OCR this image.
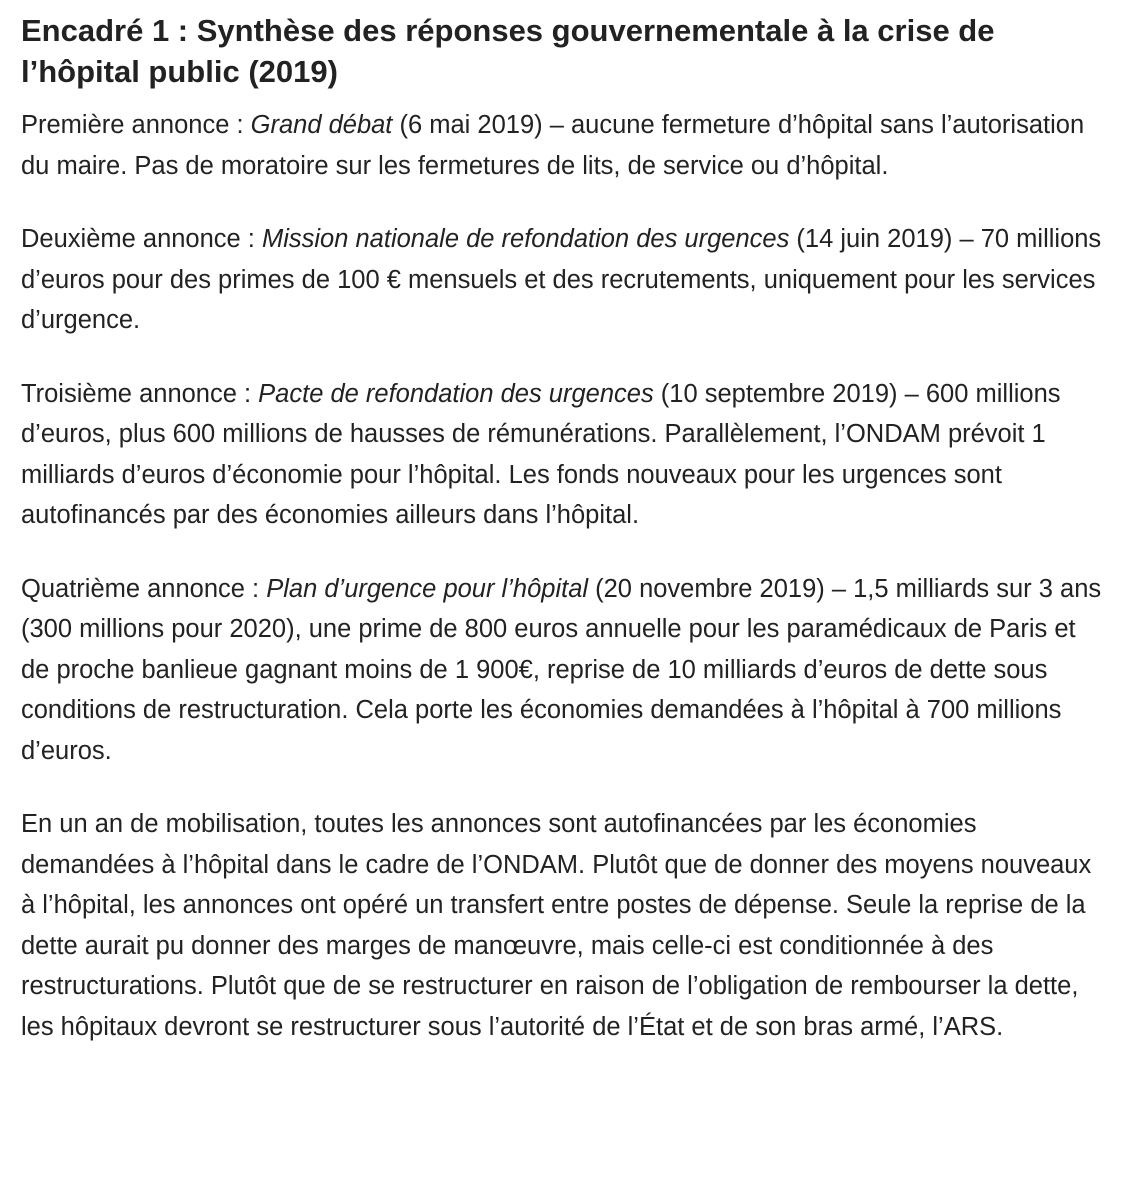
Encadré 1 : Synthèse des réponses gouvernementale à la crise de l’hôpital public (2019)

Première annonce : Grand débat (6 mai 2019) – aucune fermeture d’hôpital sans l’autorisation du maire. Pas de moratoire sur les fermetures de lits, de service ou d’hôpital.

Deuxième annonce : Mission nationale de refondation des urgences (14 juin 2019) – 70 millions d’euros pour des primes de 100 € mensuels et des recrutements, uniquement pour les services d’urgence.

Troisième annonce : Pacte de refondation des urgences (10 septembre 2019) – 600 millions d’euros, plus 600 millions de hausses de rémunérations. Parallèlement, l’ONDAM prévoit 1 milliards d’euros d’économie pour l’hôpital. Les fonds nouveaux pour les urgences sont autofinancés par des économies ailleurs dans l’hôpital.

Quatrième annonce : Plan d’urgence pour l’hôpital (20 novembre 2019) – 1,5 milliards sur 3 ans (300 millions pour 2020), une prime de 800 euros annuelle pour les paramédicaux de Paris et de proche banlieue gagnant moins de 1 900€, reprise de 10 milliards d’euros de dette sous conditions de restructuration. Cela porte les économies demandées à l’hôpital à 700 millions d’euros.

En un an de mobilisation, toutes les annonces sont autofinancées par les économies demandées à l’hôpital dans le cadre de l’ONDAM. Plutôt que de donner des moyens nouveaux à l’hôpital, les annonces ont opéré un transfert entre postes de dépense. Seule la reprise de la dette aurait pu donner des marges de manœuvre, mais celle-ci est conditionnée à des restructurations. Plutôt que de se restructurer en raison de l’obligation de rembourser la dette, les hôpitaux devront se restructurer sous l’autorité de l’État et de son bras armé, l’ARS.
